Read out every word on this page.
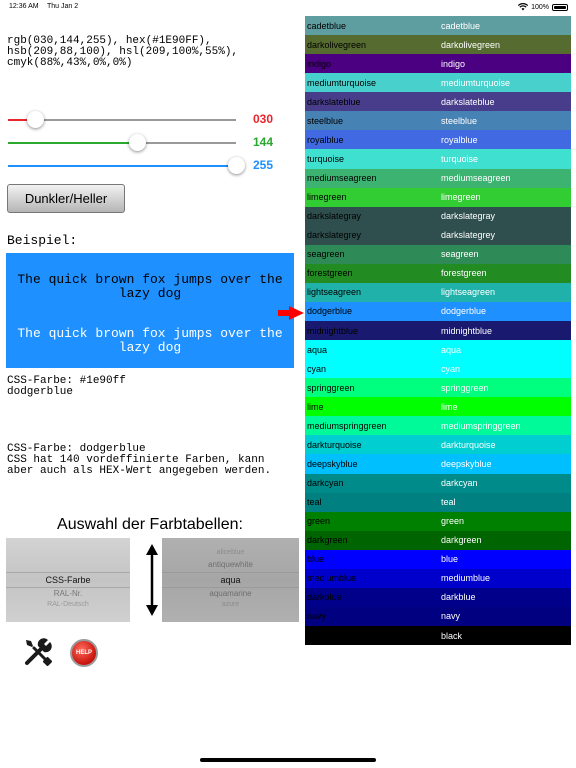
12:36 AM Thu Jan 2	100%
rgb(030,144,255), hex(#1E90FF),
hsb(209,88,100), hsl(209,100%,55%),
cmyk(88%,43%,0%,0%)
030
144
255
Dunkler/Heller
Beispiel:
The quick brown fox jumps over the lazy dog
The quick brown fox jumps over the lazy dog
CSS-Farbe: #1e90ff
dodgerblue
CSS-Farbe: dodgerblue
CSS hat 140 vordeffinierte Farben, kann
aber auch als HEX-Wert angegeben werden.
Auswahl der Farbtabellen:
CSS-Farbe
RAL-Nr.
RAL-Deutsch
aliceblue
antiquewhite
aqua
aquamarine
azure
HELP
cadetblue	cadetblue
darkolivegreen	darkolivegreen
indigo	indigo
mediumturquoise	mediumturquoise
darkslateblue	darkslateblue
steelblue	steelblue
royalblue	royalblue
turquoise	turquoise
mediumseagreen	mediumseagreen
limegreen	limegreen
darkslategray	darkslategray
darkslategrey	darkslategrey
seagreen	seagreen
forestgreen	forestgreen
lightseagreen	lightseagreen
dodgerblue	dodgerblue
midnightblue	midnightblue
aqua	aqua
cyan	cyan
springgreen	springgreen
lime	lime
mediumspringgreen	mediumspringgreen
darkturquoise	darkturquoise
deepskyblue	deepskyblue
darkcyan	darkcyan
teal	teal
green	green
darkgreen	darkgreen
blue	blue
mediumblue	mediumblue
darkblue	darkblue
navy	navy
black	black
